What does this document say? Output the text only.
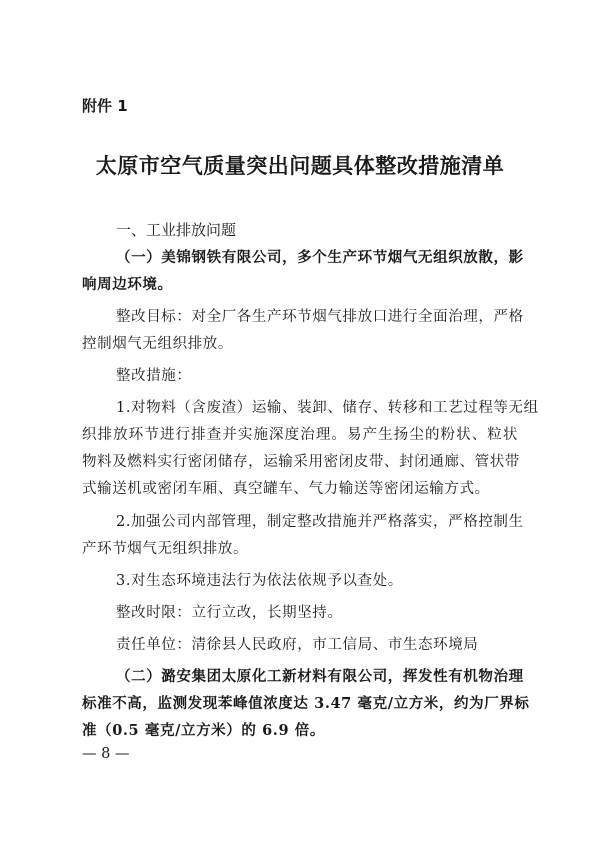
附件 1
太原市空气质量突出问题具体整改措施清单
一、工业排放问题
（一）美锦钢铁有限公司，多个生产环节烟气无组织放散，影
响周边环境。
整改目标：对全厂各生产环节烟气排放口进行全面治理，严格
控制烟气无组织排放。
整改措施：
1.对物料（含废渣）运输、装卸、储存、转移和工艺过程等无组
织排放环节进行排查并实施深度治理。易产生扬尘的粉状、粒状
物料及燃料实行密闭储存，运输采用密闭皮带、封闭通廊、管状带
式输送机或密闭车厢、真空罐车、气力输送等密闭运输方式。
2.加强公司内部管理，制定整改措施并严格落实，严格控制生
产环节烟气无组织排放。
3.对生态环境违法行为依法依规予以查处。
整改时限：立行立改，长期坚持。
责任单位：清徐县人民政府，市工信局、市生态环境局
（二）潞安集团太原化工新材料有限公司，挥发性有机物治理
标准不高，监测发现苯峰值浓度达 3.47 毫克/立方米，约为厂界标
准（0.5 毫克/立方米）的 6.9 倍。
— 8 —
